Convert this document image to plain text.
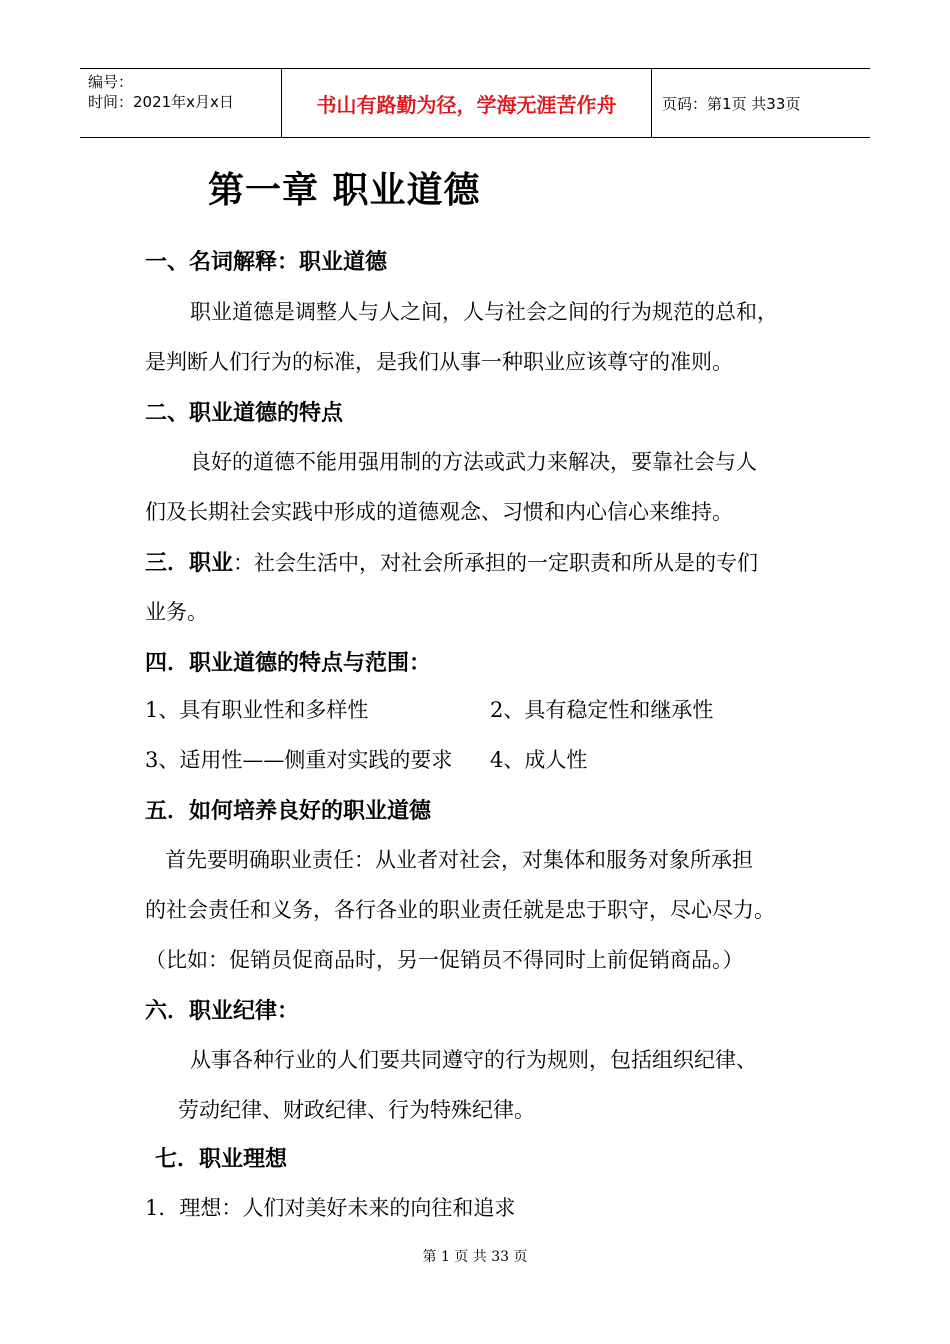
编号：
时间：2021年x月x日	书山有路勤为径，学海无涯苦作舟	页码：第1页 共33页
第一章 职业道德
一、名词解释：职业道德
职业道德是调整人与人之间，人与社会之间的行为规范的总和，
是判断人们行为的标准，是我们从事一种职业应该尊守的准则。
二、职业道德的特点
良好的道德不能用强用制的方法或武力来解决，要靠社会与人
们及长期社会实践中形成的道德观念、习惯和内心信心来维持。
三．职业：社会生活中，对社会所承担的一定职责和所从是的专们
业务。
四．职业道德的特点与范围：
1、具有职业性和多样性	2、具有稳定性和继承性
3、适用性——侧重对实践的要求 4、成人性
五．如何培养良好的职业道德
首先要明确职业责任：从业者对社会，对集体和服务对象所承担
的社会责任和义务，各行各业的职业责任就是忠于职守，尽心尽力。
（比如：促销员促商品时，另一促销员不得同时上前促销商品。）
六．职业纪律：
从事各种行业的人们要共同遵守的行为规则，包括组织纪律、
劳动纪律、财政纪律、行为特殊纪律。
七．职业理想
1．理想：人们对美好未来的向往和追求
第 1 页 共 33 页
